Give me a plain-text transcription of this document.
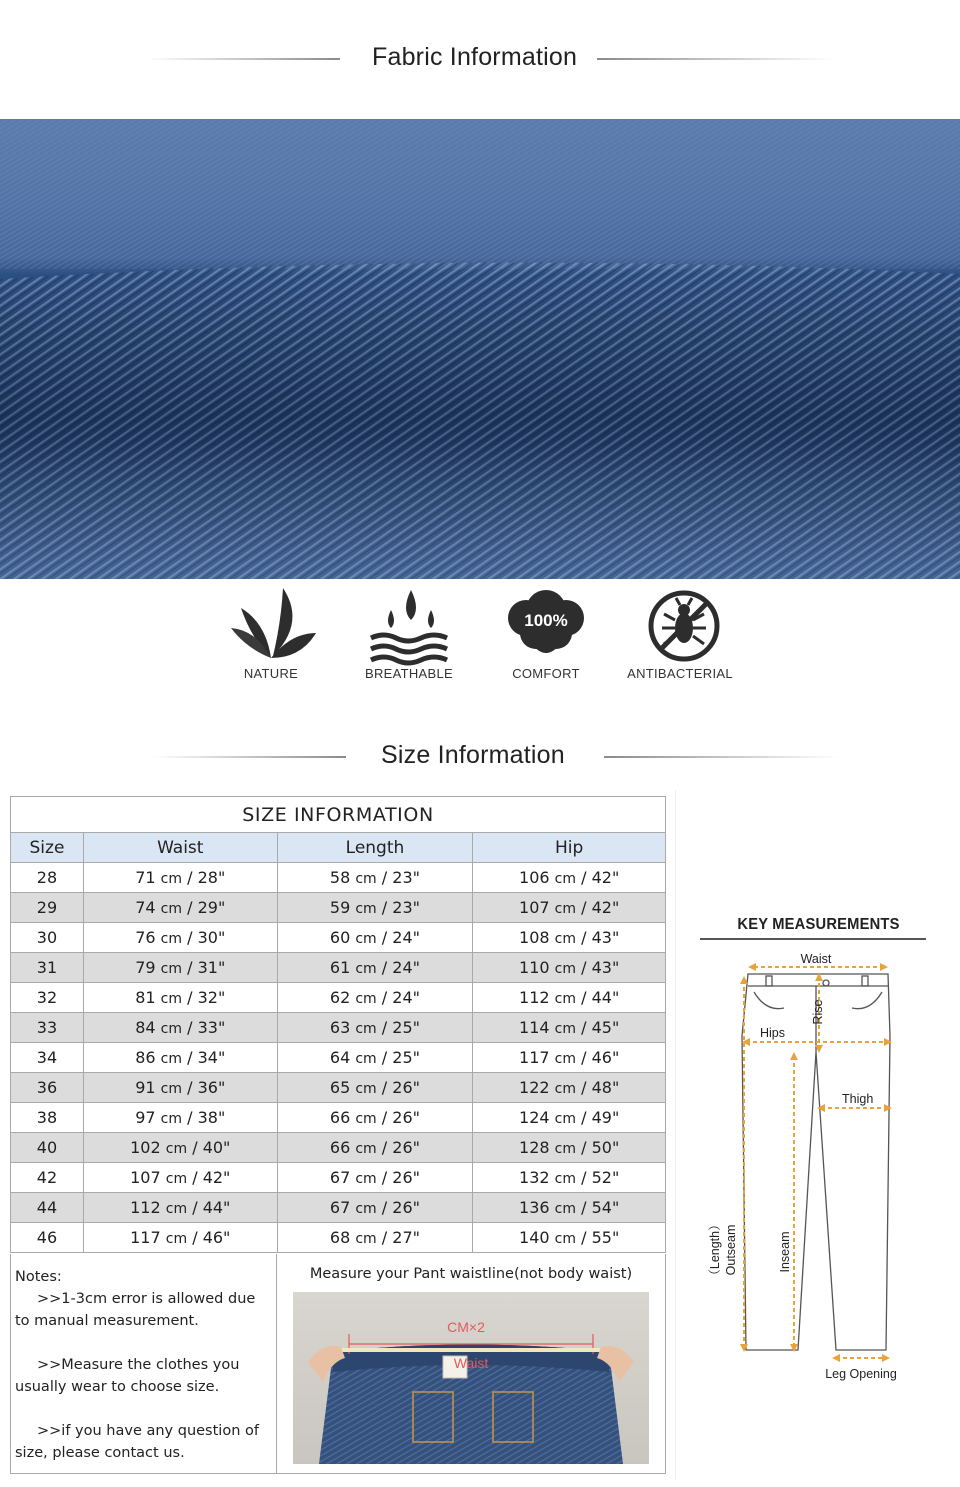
Fabric Information
NATURE	BREATHABLE
100%
COMFORT	ANTIBACTERIAL
Size Information
SIZE INFORMATION			
Size	Waist	Length	Hip
28	71 cm / 28"	58 cm / 23"	106 cm / 42"
29	74 cm / 29"	59 cm / 23"	107 cm / 42"
30	76 cm / 30"	60 cm / 24"	108 cm / 43"
31	79 cm / 31"	61 cm / 24"	110 cm / 43"
32	81 cm / 32"	62 cm / 24"	112 cm / 44"
33	84 cm / 33"	63 cm / 25"	114 cm / 45"
34	86 cm / 34"	64 cm / 25"	117 cm / 46"
36	91 cm / 36"	65 cm / 26"	122 cm / 48"
38	97 cm / 38"	66 cm / 26"	124 cm / 49"
40	102 cm / 40"	66 cm / 26"	128 cm / 50"
42	107 cm / 42"	67 cm / 26"	132 cm / 52"
44	112 cm / 44"	67 cm / 26"	136 cm / 54"
46	117 cm / 46"	68 cm / 27"	140 cm / 55"

Notes:

>>1-3cm error is allowed due to manual measurement.

>>Measure the clothes you usually wear to choose size.

>>if you have any question of size, please contact us.

Measure your Pant waistline(not body waist)
CM×2
Waist
KEY MEASUREMENTS
Waist
Rise
Hips
Thigh
（Length） Outseam	Inseam
Leg Opening
